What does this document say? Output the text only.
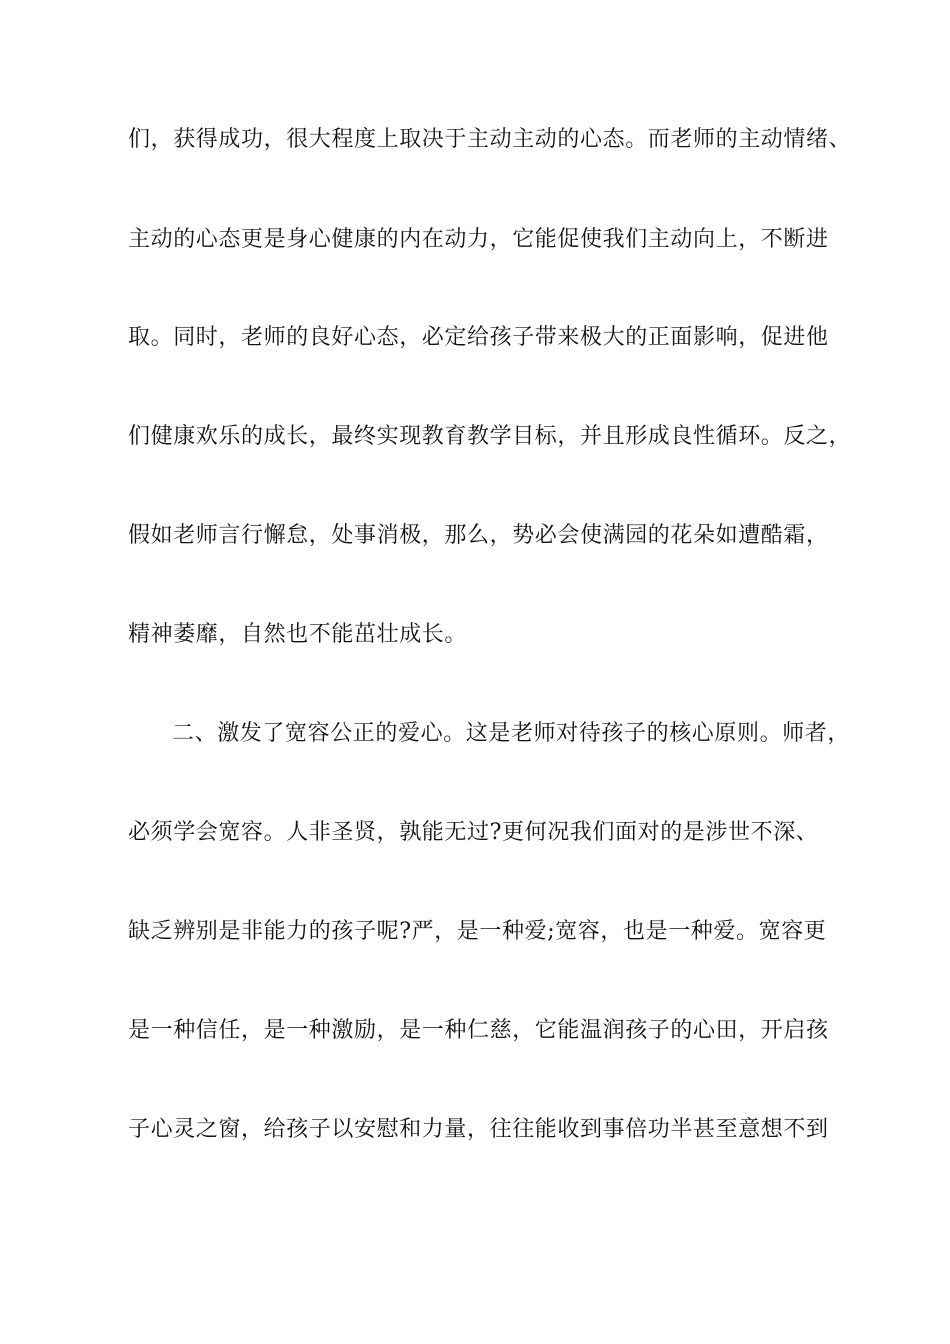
们，获得成功，很大程度上取决于主动主动的心态。而老师的主动情绪、
主动的心态更是身心健康的内在动力，它能促使我们主动向上，不断进
取。同时，老师的良好心态，必定给孩子带来极大的正面影响，促进他
们健康欢乐的成长，最终实现教育教学目标，并且形成良性循环。反之，
假如老师言行懈怠，处事消极，那么，势必会使满园的花朵如遭酷霜，
精神萎靡，自然也不能茁壮成长。
二、激发了宽容公正的爱心。这是老师对待孩子的核心原则。师者，
必须学会宽容。人非圣贤，孰能无过?更何况我们面对的是涉世不深、
缺乏辨别是非能力的孩子呢?严，是一种爱;宽容，也是一种爱。宽容更
是一种信任，是一种激励，是一种仁慈，它能温润孩子的心田，开启孩
子心灵之窗，给孩子以安慰和力量，往往能收到事倍功半甚至意想不到
